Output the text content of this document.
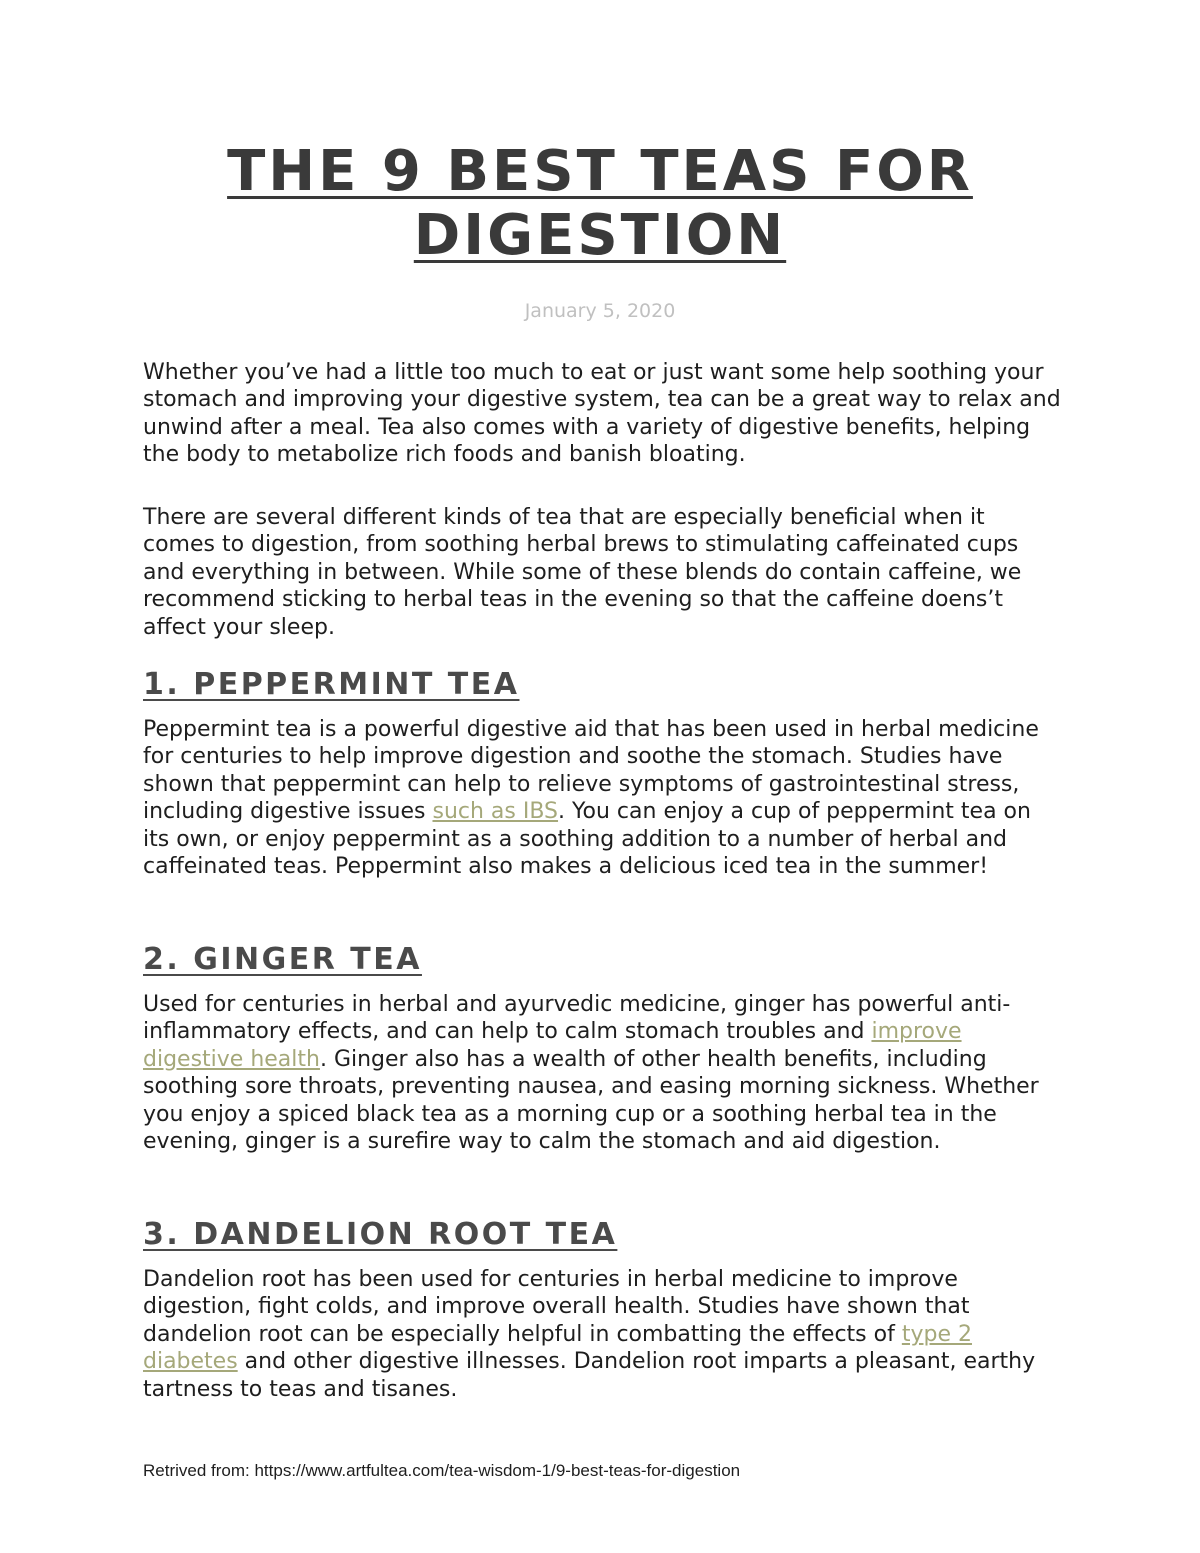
THE 9 BEST TEAS FOR
DIGESTION

January 5, 2020

Whether you’ve had a little too much to eat or just want some help soothing your stomach and improving your digestive system, tea can be a great way to relax and unwind after a meal. Tea also comes with a variety of digestive benefits, helping the body to metabolize rich foods and banish bloating.

There are several different kinds of tea that are especially beneficial when it comes to digestion, from soothing herbal brews to stimulating caffeinated cups and everything in between. While some of these blends do contain caffeine, we recommend sticking to herbal teas in the evening so that the caffeine doens’t affect your sleep.

1. PEPPERMINT TEA

Peppermint tea is a powerful digestive aid that has been used in herbal medicine for centuries to help improve digestion and soothe the stomach. Studies have shown that peppermint can help to relieve symptoms of gastrointestinal stress, including digestive issues such as IBS. You can enjoy a cup of peppermint tea on its own, or enjoy peppermint as a soothing addition to a number of herbal and caffeinated teas. Peppermint also makes a delicious iced tea in the summer!

2. GINGER TEA

Used for centuries in herbal and ayurvedic medicine, ginger has powerful anti-inflammatory effects, and can help to calm stomach troubles and improve digestive health. Ginger also has a wealth of other health benefits, including soothing sore throats, preventing nausea, and easing morning sickness. Whether you enjoy a spiced black tea as a morning cup or a soothing herbal tea in the evening, ginger is a surefire way to calm the stomach and aid digestion.

3. DANDELION ROOT TEA

Dandelion root has been used for centuries in herbal medicine to improve digestion, fight colds, and improve overall health. Studies have shown that dandelion root can be especially helpful in combatting the effects of type 2 diabetes and other digestive illnesses. Dandelion root imparts a pleasant, earthy tartness to teas and tisanes.

Retrived from: https://www.artfultea.com/tea-wisdom-1/9-best-teas-for-digestion
